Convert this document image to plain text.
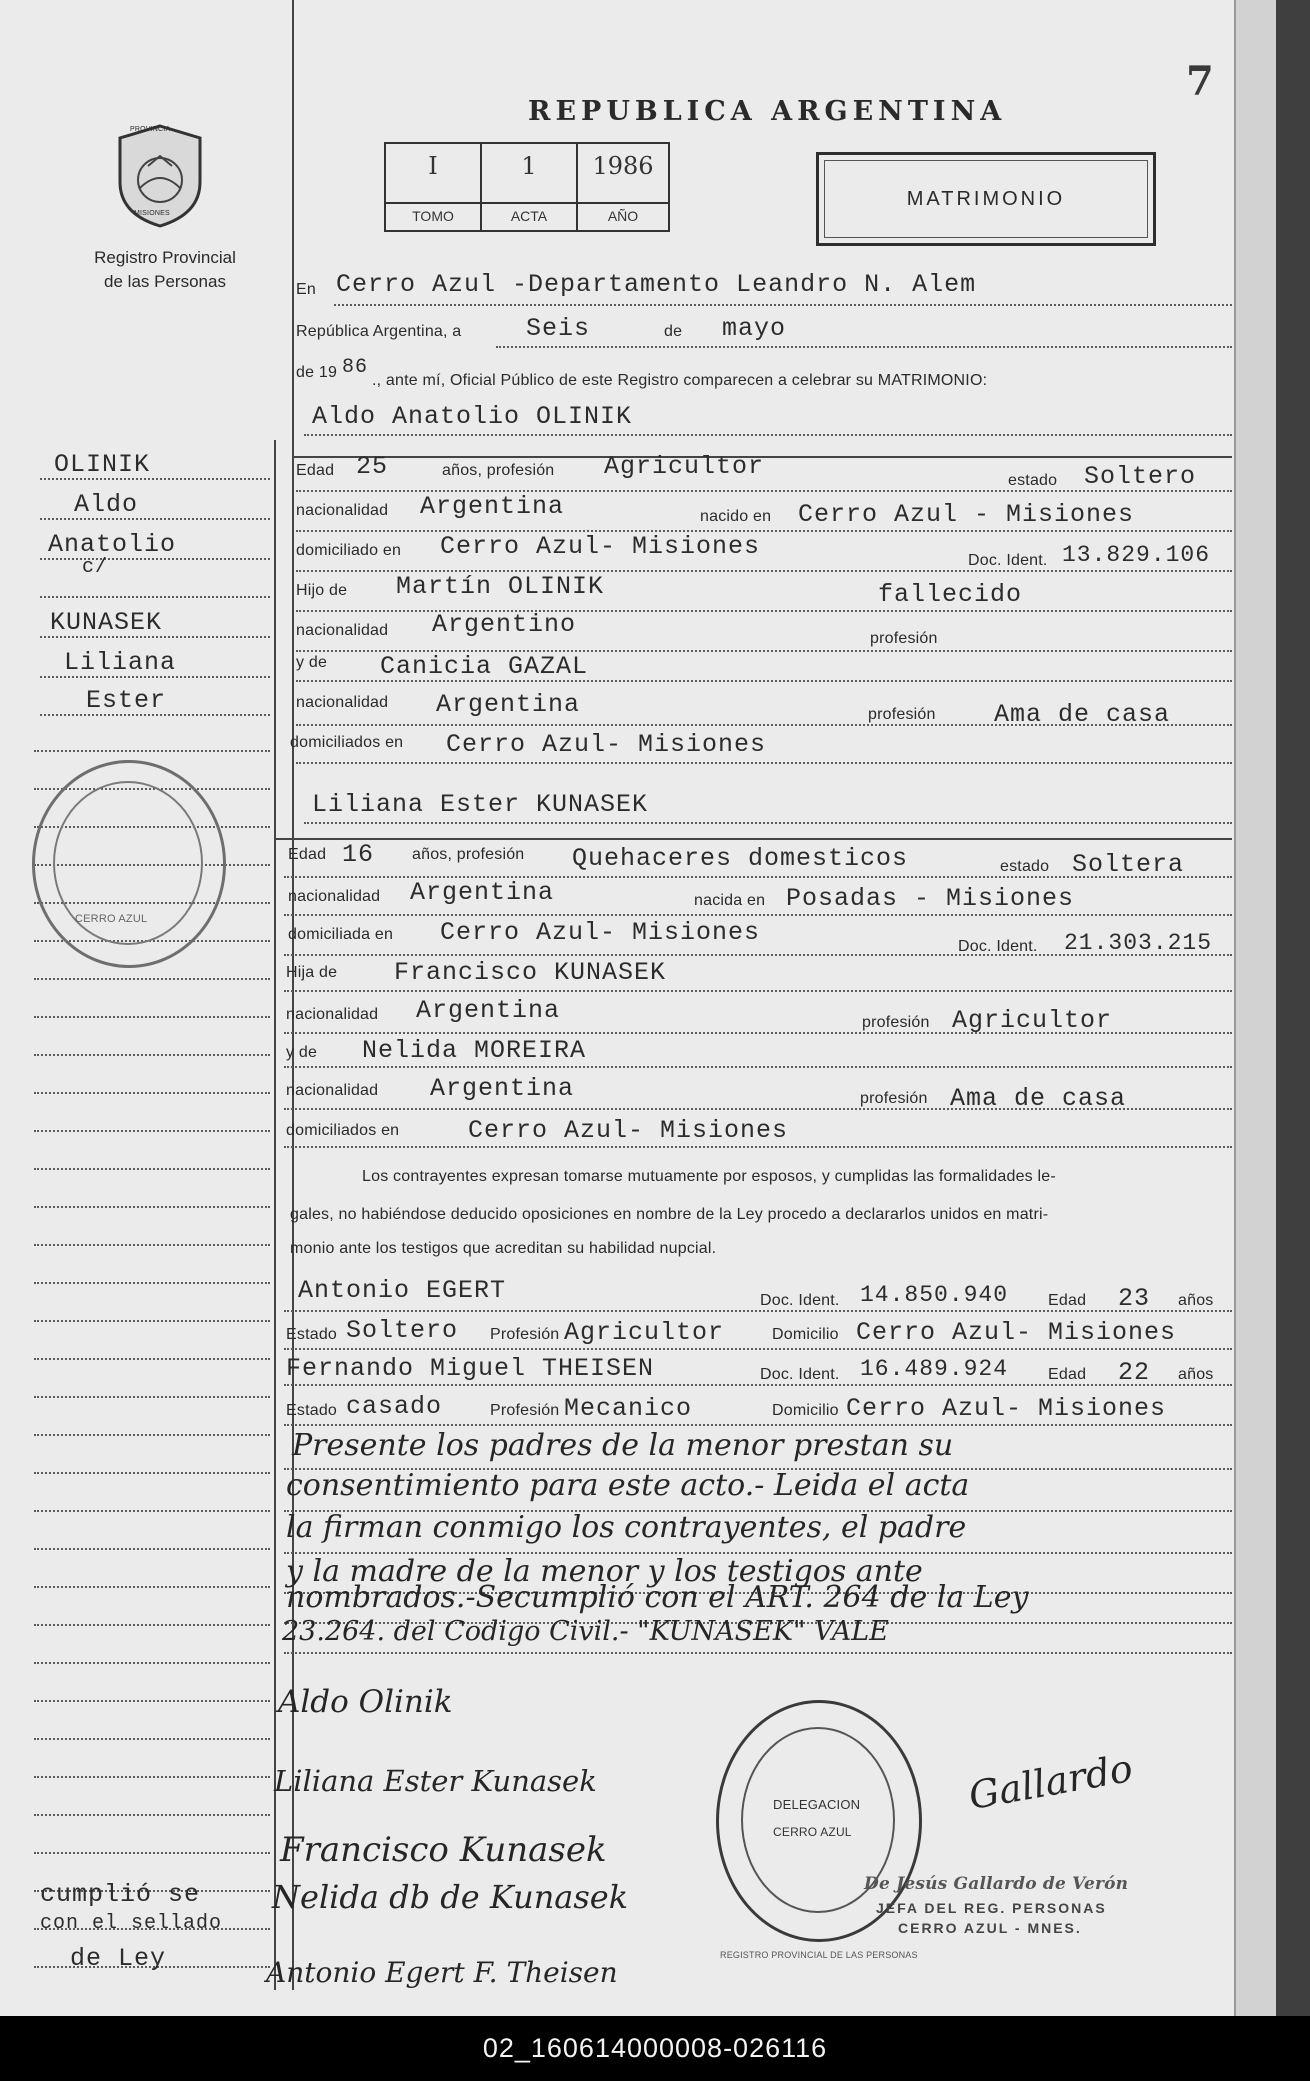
REPUBLICA ARGENTINA
7
PROVINCIA
MISIONES
Registro Provincial
de las Personas
I
TOMO
1
ACTA
1986
AÑO
MATRIMONIO
En Cerro Azul -Departamento Leandro N. Alem
República Argentina, a	Seis	de mayo
de 19 86
., ante mí, Oficial Público de este Registro comparecen a celebrar su MATRIMONIO:
Aldo Anatolio OLINIK
Edad 25	años, profesión Agricultor	estado Soltero
nacionalidad Argentina	nacido en Cerro Azul - Misiones
domiciliado en Cerro Azul- Misiones	Doc. Ident. 13.829.106
Hijo de Martín OLINIK	fallecido
nacionalidad Argentino	profesión
y de Canicia GAZAL
nacionalidad Argentina	profesión Ama de casa
domiciliados en Cerro Azul- Misiones
Liliana Ester KUNASEK
Edad 16 años, profesión Quehaceres domesticos	estado Soltera
nacionalidad Argentina	nacida en Posadas - Misiones
domiciliada en Cerro Azul- Misiones	Doc. Ident. 21.303.215
Hija de Francisco KUNASEK
nacionalidad Argentina	profesión Agricultor
y de Nelida MOREIRA
nacionalidad Argentina	profesión Ama de casa
domiciliados en	Cerro Azul- Misiones
Los contrayentes expresan tomarse mutuamente por esposos, y cumplidas las formalidades le-
gales, no habiéndose deducido oposiciones en nombre de la Ley procedo a declararlos unidos en matri-
monio ante los testigos que acreditan su habilidad nupcial.
Antonio EGERT	Doc. Ident. 14.850.940 Edad 23 años
Estado Soltero Profesión Agricultor	Domicilio Cerro Azul- Misiones
Fernando Miguel THEISEN	Doc. Ident. 16.489.924 Edad 22 años
Estado casado	Profesión Mecanico	Domicilio Cerro Azul- Misiones
Presente los padres de la menor prestan su
consentimiento para este acto.- Leida el acta
la firman conmigo los contrayentes, el padre
y la madre de la menor y los testigos ante
nombrados.-Secumplió con el ART. 264 de la Ley
23.264. del Codigo Civil.- "KUNASEK" VALE
OLINIK
Aldo
Anatolio
c/
KUNASEK
Liliana
Ester
CERRO AZUL
cumplió se
con el sellado
de Ley
Aldo Olinik
Liliana Ester Kunasek
Francisco Kunasek
Nelida db de Kunasek
Antonio Egert F. Theisen
Gallardo
DELEGACION
CERRO AZUL
REGISTRO PROVINCIAL DE LAS PERSONAS
De Jesús Gallardo de Verón
JEFA DEL REG. PERSONAS
CERRO AZUL - MNES.
02_160614000008-026116
